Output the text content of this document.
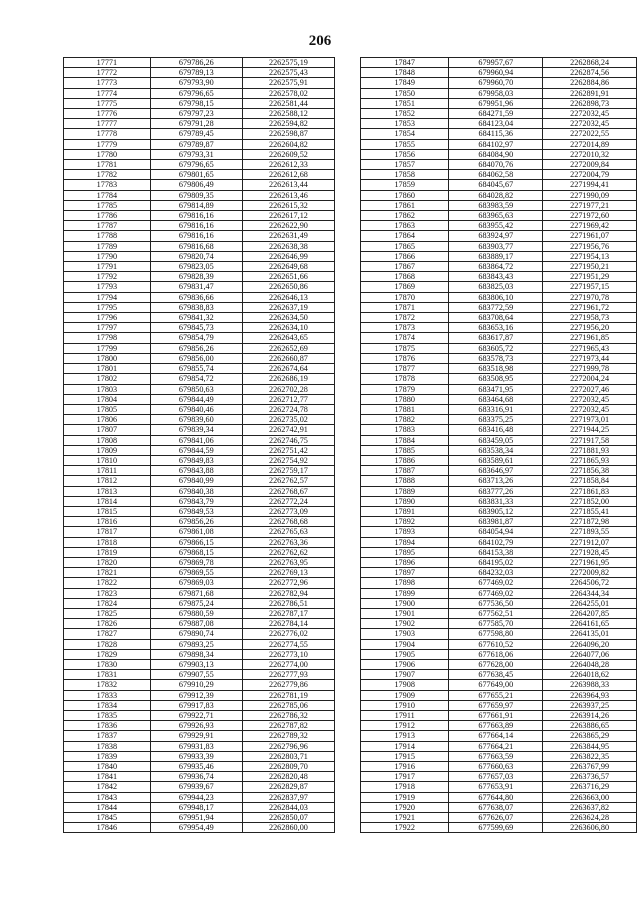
206
17771	679786,26	2262575,19
17772	679789,13	2262575,43
17773	679793,90	2262575,91
17774	679796,65	2262578,02
17775	679798,15	2262581,44
17776	679797,23	2262588,12
17777	679791,28	2262594,82
17778	679789,45	2262598,87
17779	679789,87	2262604,82
17780	679793,31	2262609,52
17781	679796,65	2262612,33
17782	679801,65	2262612,68
17783	679806,49	2262613,44
17784	679809,35	2262613,46
17785	679814,89	2262615,32
17786	679816,16	2262617,12
17787	679816,16	2262622,90
17788	679816,16	2262631,49
17789	679816,68	2262638,38
17790	679820,74	2262646,99
17791	679823,05	2262649,68
17792	679828,39	2262651,66
17793	679831,47	2262650,86
17794	679836,66	2262646,13
17795	679838,83	2262637,19
17796	679841,32	2262634,50
17797	679845,73	2262634,10
17798	679854,79	2262643,65
17799	679856,26	2262652,69
17800	679856,00	2262660,87
17801	679855,74	2262674,64
17802	679854,72	2262686,19
17803	679850,63	2262702,28
17804	679844,49	2262712,77
17805	679840,46	2262724,78
17806	679839,60	2262735,02
17807	679839,34	2262742,91
17808	679841,06	2262746,75
17809	679844,59	2262751,42
17810	679849,83	2262754,92
17811	679843,88	2262759,17
17812	679840,99	2262762,57
17813	679840,38	2262768,67
17814	679843,79	2262772,24
17815	679849,53	2262773,09
17816	679856,26	2262768,68
17817	679861,08	2262765,63
17818	679866,15	2262763,36
17819	679868,15	2262762,62
17820	679869,78	2262763,95
17821	679869,55	2262769,13
17822	679869,03	2262772,96
17823	679871,68	2262782,94
17824	679875,24	2262786,51
17825	679880,59	2262787,17
17826	679887,08	2262784,14
17827	679890,74	2262776,02
17828	679893,25	2262774,55
17829	679898,34	2262773,10
17830	679903,13	2262774,00
17831	679907,55	2262777,93
17832	679910,29	2262779,86
17833	679912,39	2262781,19
17834	679917,83	2262785,06
17835	679922,71	2262786,32
17836	679926,93	2262787,82
17837	679929,91	2262789,32
17838	679931,83	2262796,96
17839	679933,39	2262803,71
17840	679935,46	2262809,70
17841	679936,74	2262820,48
17842	679939,67	2262829,87
17843	679944,23	2262837,97
17844	679948,17	2262844,03
17845	679951,94	2262850,07
17846	679954,49	2262860,00
17847	679957,67	2262868,24
17848	679960,94	2262874,56
17849	679960,70	2262884,86
17850	679958,03	2262891,91
17851	679951,96	2262898,73
17852	684271,59	2272032,45
17853	684123,04	2272032,45
17854	684115,36	2272022,55
17855	684102,97	2272014,89
17856	684084,90	2272010,32
17857	684070,76	2272009,84
17858	684062,58	2272004,79
17859	684045,67	2271994,41
17860	684028,82	2271990,09
17861	683983,59	2271977,21
17862	683965,63	2271972,60
17863	683955,42	2271969,42
17864	683924,97	2271961,07
17865	683903,77	2271956,76
17866	683889,17	2271954,13
17867	683864,72	2271950,21
17868	683843,43	2271951,29
17869	683825,03	2271957,15
17870	683806,10	2271970,78
17871	683772,59	2271961,72
17872	683708,64	2271958,73
17873	683653,16	2271956,20
17874	683617,87	2271961,85
17875	683605,72	2271965,43
17876	683578,73	2271973,44
17877	683518,98	2271999,78
17878	683508,95	2272004,24
17879	683471,95	2272027,46
17880	683464,68	2272032,45
17881	683316,91	2272032,45
17882	683375,25	2271973,01
17883	683416,48	2271944,25
17884	683459,05	2271917,58
17885	683538,34	2271881,93
17886	683589,61	2271865,93
17887	683646,97	2271856,38
17888	683713,26	2271858,84
17889	683777,26	2271861,83
17890	683831,33	2271852,00
17891	683905,12	2271855,41
17892	683981,87	2271872,98
17893	684054,94	2271893,55
17894	684102,79	2271912,07
17895	684153,38	2271928,45
17896	684195,02	2271961,95
17897	684232,03	2272009,82
17898	677469,02	2264506,72
17899	677469,02	2264344,34
17900	677536,50	2264255,01
17901	677562,51	2264207,85
17902	677585,70	2264161,65
17903	677598,80	2264135,01
17904	677610,52	2264096,20
17905	677618,06	2264077,06
17906	677628,00	2264048,28
17907	677638,45	2264018,62
17908	677649,00	2263988,33
17909	677655,21	2263964,93
17910	677659,97	2263937,25
17911	677661,91	2263914,26
17912	677663,89	2263886,65
17913	677664,14	2263865,29
17914	677664,21	2263844,95
17915	677663,59	2263822,35
17916	677660,63	2263767,99
17917	677657,03	2263736,57
17918	677653,91	2263716,29
17919	677644,80	2263663,00
17920	677638,07	2263637,82
17921	677626,07	2263624,28
17922	677599,69	2263606,80
